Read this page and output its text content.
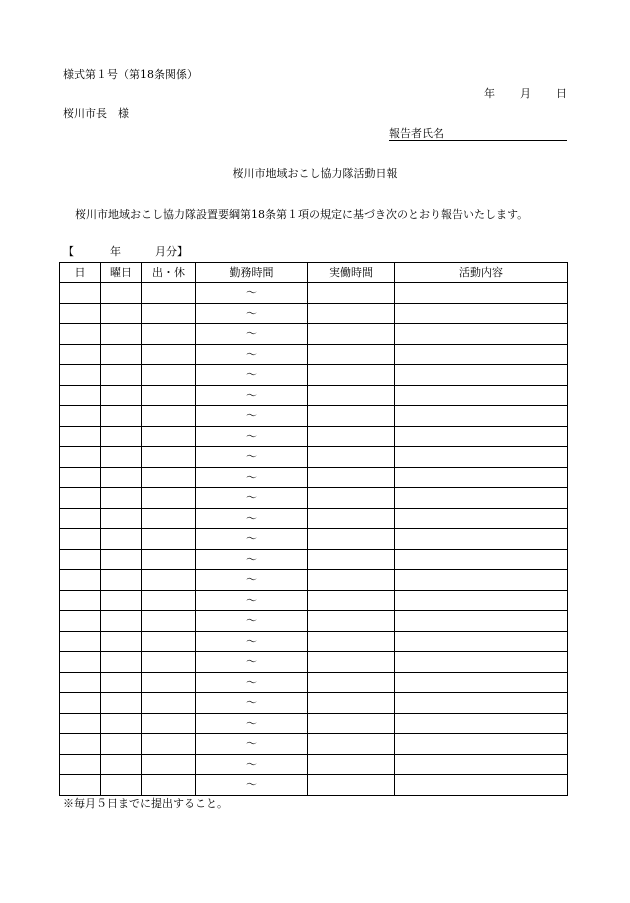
様式第１号（第18条関係）
年 月 日
桜川市長　様
報告者氏名
桜川市地域おこし協力隊活動日報
桜川市地域おこし協力隊設置要綱第18条第１項の規定に基づき次のとおり報告いたします。
【	年	月分】
日	曜日	出・休	勤務時間	実働時間	活動内容
			～		
			～		
			～		
			～		
			～		
			～		
			～		
			～		
			～		
			～		
			～		
			～		
			～		
			～		
			～		
			～		
			～		
			～		
			～		
			～		
			～		
			～		
			～		
			～		
			～		
※毎月５日までに提出すること。
